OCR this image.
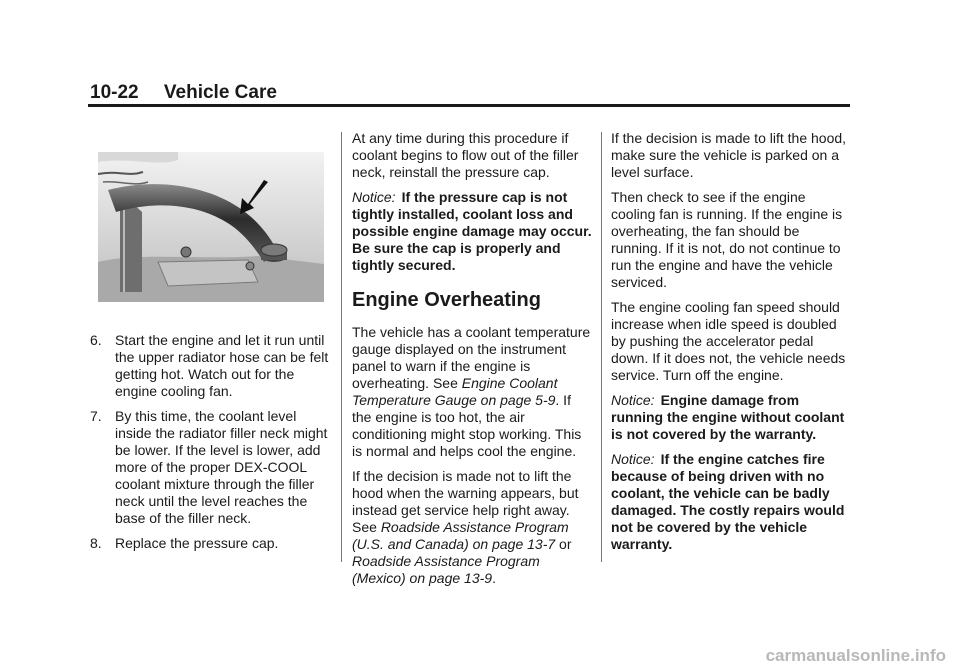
10-22 Vehicle Care
6. Start the engine and let it run until the upper radiator hose can be felt getting hot. Watch out for the engine cooling fan.
7. By this time, the coolant level inside the radiator filler neck might be lower. If the level is lower, add more of the proper DEX-COOL coolant mixture through the filler neck until the level reaches the base of the filler neck.
8. Replace the pressure cap.

At any time during this procedure if coolant begins to flow out of the filler neck, reinstall the pressure cap.

Notice: If the pressure cap is not tightly installed, coolant loss and possible engine damage may occur. Be sure the cap is properly and tightly secured.

Engine Overheating

The vehicle has a coolant temperature gauge displayed on the instrument panel to warn if the engine is overheating. See Engine Coolant Temperature Gauge on page 5-9. If the engine is too hot, the air conditioning might stop working. This is normal and helps cool the engine.

If the decision is made not to lift the hood when the warning appears, but instead get service help right away. See Roadside Assistance Program (U.S. and Canada) on page 13-7 or Roadside Assistance Program (Mexico) on page 13-9.

If the decision is made to lift the hood, make sure the vehicle is parked on a level surface.

Then check to see if the engine cooling fan is running. If the engine is overheating, the fan should be running. If it is not, do not continue to run the engine and have the vehicle serviced.

The engine cooling fan speed should increase when idle speed is doubled by pushing the accelerator pedal down. If it does not, the vehicle needs service. Turn off the engine.

Notice: Engine damage from running the engine without coolant is not covered by the warranty.

Notice: If the engine catches fire because of being driven with no coolant, the vehicle can be badly damaged. The costly repairs would not be covered by the vehicle warranty.

carmanualsonline.info
